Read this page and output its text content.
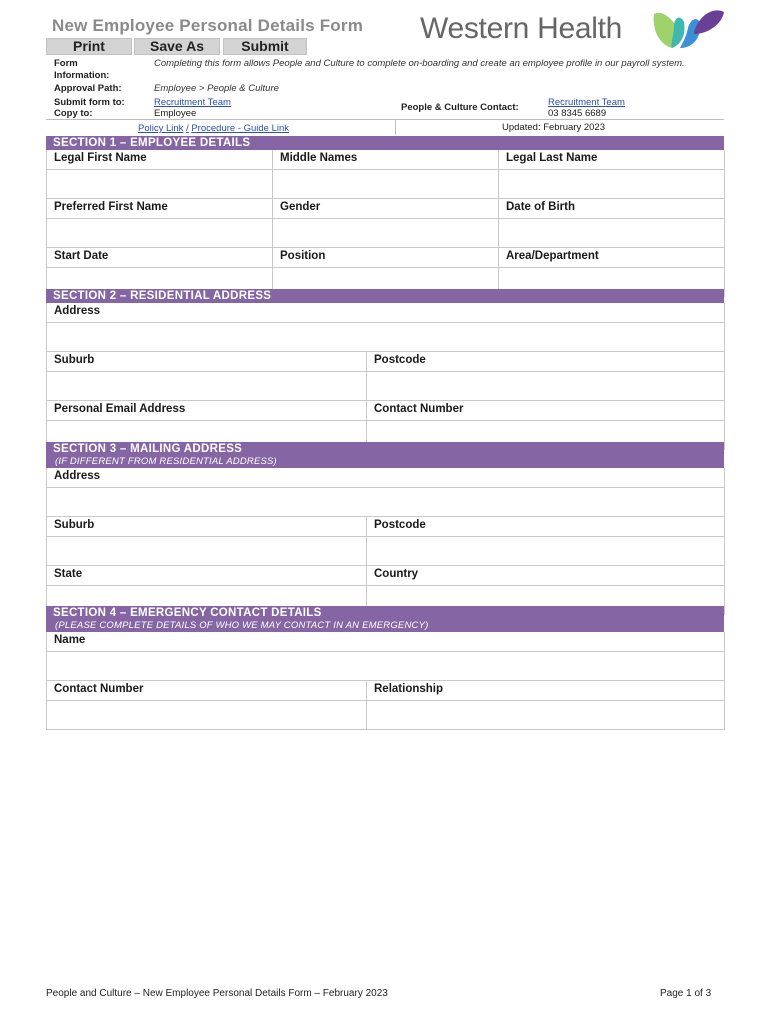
New Employee Personal Details Form
Print	Save As	Submit
Western Health
Form
Information:
Completing this form allows People and Culture to complete on-boarding and create an employee profile in our payroll system.
Approval Path:	Employee > People & Culture
Submit form to:	Recruitment Team
Copy to:	Employee
People & Culture Contact:	Recruitment Team
03 8345 6689
Policy Link / Procedure - Guide Link	Updated: February 2023
SECTION 1 – EMPLOYEE DETAILS
Legal First Name	Middle Names	Legal Last Name
Preferred First Name	Gender	Date of Birth
Start Date	Position	Area/Department
SECTION 2 – RESIDENTIAL ADDRESS
Address
Suburb	Postcode
Personal Email Address	Contact Number
SECTION 3 – MAILING ADDRESS
(IF DIFFERENT FROM RESIDENTIAL ADDRESS)
Address
Suburb	Postcode
State	Country
SECTION 4 – EMERGENCY CONTACT DETAILS
(PLEASE COMPLETE DETAILS OF WHO WE MAY CONTACT IN AN EMERGENCY)
Name
Contact Number	Relationship
People and Culture – New Employee Personal Details Form – February 2023	Page 1 of 3
